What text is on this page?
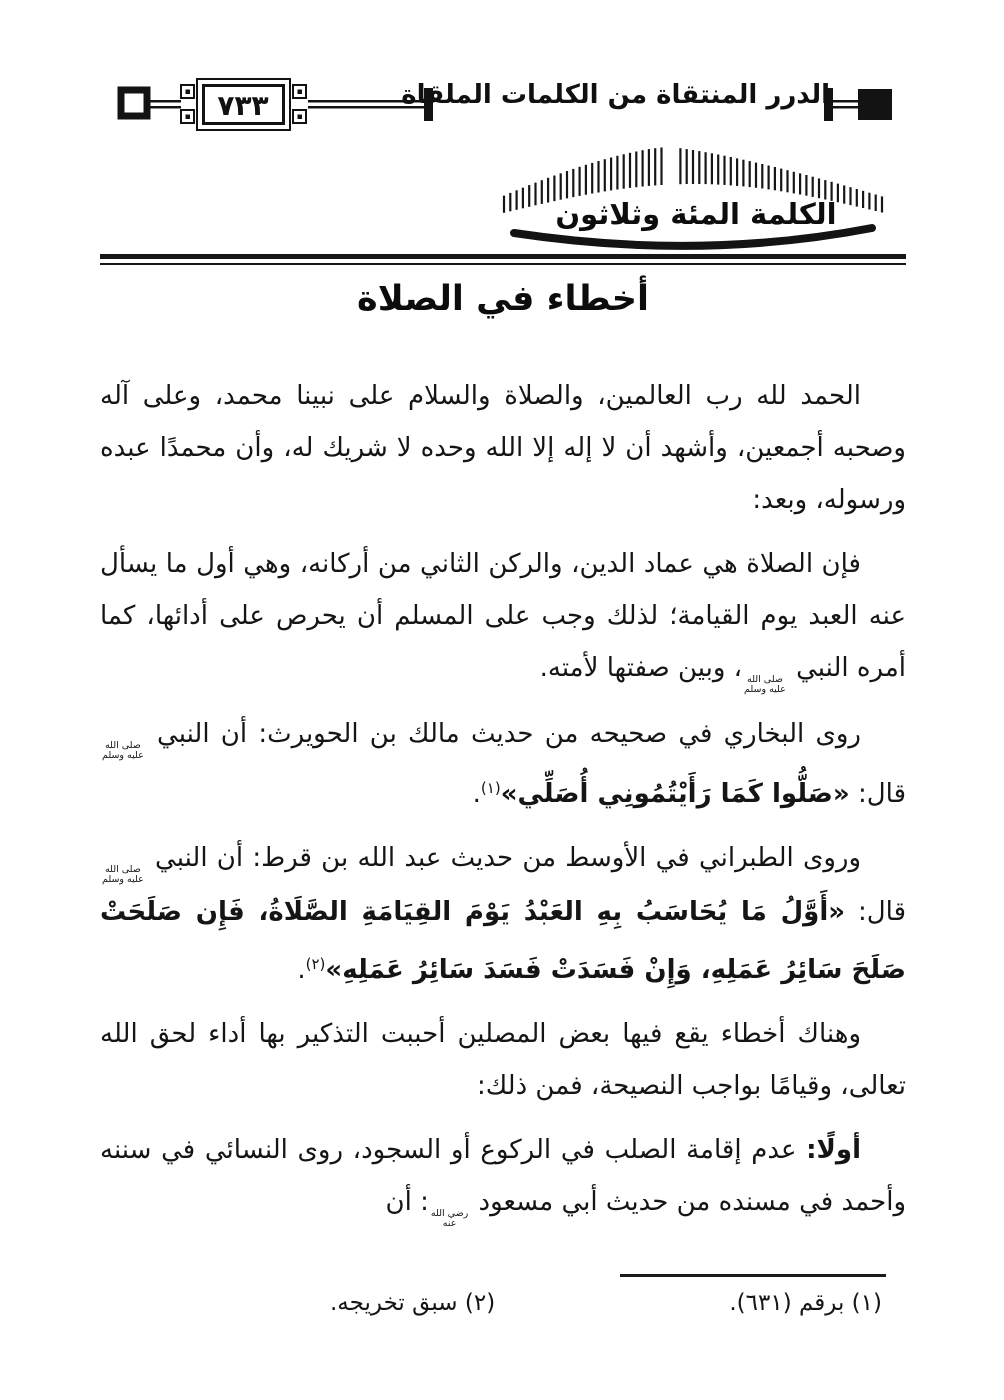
٧٣٣	الدرر المنتقاة من الكلمات الملقاة
الكلمة المئة وثلاثون
أخطاء في الصلاة

الحمد لله رب العالمين، والصلاة والسلام على نبينا محمد، وعلى آله وصحبه أجمعين، وأشهد أن لا إله إلا الله وحده لا شريك له، وأن محمدًا عبده ورسوله، وبعد:

فإن الصلاة هي عماد الدين، والركن الثاني من أركانه، وهي أول ما يسأل عنه العبد يوم القيامة؛ لذلك وجب على المسلم أن يحرص على أدائها، كما أمره النبي
صلى الله
عليه وسلم
، وبين صفتها لأمته.

روى البخاري في صحيحه من حديث مالك بن الحويرث: أن النبي
صلى الله
عليه وسلم
قال: «صَلُّوا كَمَا رَأَيْتُمُونِي أُصَلِّي»$^{(١)}$.

وروى الطبراني في الأوسط من حديث عبد الله بن قرط: أن النبي
صلى الله
عليه وسلم
قال: «أَوَّلُ مَا يُحَاسَبُ بِهِ العَبْدُ يَوْمَ القِيَامَةِ الصَّلَاةُ، فَإِن صَلَحَتْ صَلَحَ سَائِرُ عَمَلِهِ، وَإِنْ فَسَدَتْ فَسَدَ سَائِرُ عَمَلِهِ»$^{(٢)}$.

وهناك أخطاء يقع فيها بعض المصلين أحببت التذكير بها أداء لحق الله تعالى، وقيامًا بواجب النصيحة، فمن ذلك:

أولًا: عدم إقامة الصلب في الركوع أو السجود، روى النسائي في سننه وأحمد في مسنده من حديث أبي مسعود
رضي الله
عنه
: أن

(١) برقم (٦٣١).
(٢) سبق تخريجه.
